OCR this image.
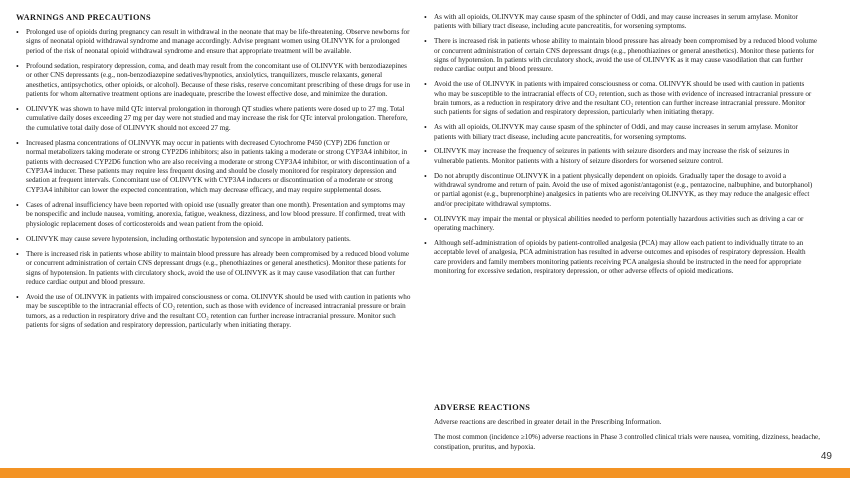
WARNINGS AND PRECAUTIONS
• Prolonged use of opioids during pregnancy can result in withdrawal in the neonate that may be life-threatening. Observe newborns for signs of neonatal opioid withdrawal syndrome and manage accordingly. Advise pregnant women using OLINVYK for a prolonged period of the risk of neonatal opioid withdrawal syndrome and ensure that appropriate treatment will be available.
• Profound sedation, respiratory depression, coma, and death may result from the concomitant use of OLINVYK with benzodiazepines or other CNS depressants (e.g., non-benzodiazepine sedatives/hypnotics, anxiolytics, tranquilizers, muscle relaxants, general anesthetics, antipsychotics, other opioids, or alcohol). Because of these risks, reserve concomitant prescribing of these drugs for use in patients for whom alternative treatment options are inadequate, prescribe the lowest effective dose, and minimize the duration.
• OLINVYK was shown to have mild QTc interval prolongation in thorough QT studies where patients were dosed up to 27 mg. Total cumulative daily doses exceeding 27 mg per day were not studied and may increase the risk for QTc interval prolongation. Therefore, the cumulative total daily dose of OLINVYK should not exceed 27 mg.
• Increased plasma concentrations of OLINVYK may occur in patients with decreased Cytochrome P450 (CYP) 2D6 function or normal metabolizers taking moderate or strong CYP2D6 inhibitors; also in patients taking a moderate or strong CYP3A4 inhibitor, in patients with decreased CYP2D6 function who are also receiving a moderate or strong CYP3A4 inhibitor, or with discontinuation of a CYP3A4 inducer. These patients may require less frequent dosing and should be closely monitored for respiratory depression and sedation at frequent intervals. Concomitant use of OLINVYK with CYP3A4 inducers or discontinuation of a moderate or strong CYP3A4 inhibitor can lower the expected concentration, which may decrease efficacy, and may require supplemental doses.
• Cases of adrenal insufficiency have been reported with opioid use (usually greater than one month). Presentation and symptoms may be nonspecific and include nausea, vomiting, anorexia, fatigue, weakness, dizziness, and low blood pressure. If confirmed, treat with physiologic replacement doses of corticosteroids and wean patient from the opioid.
• OLINVYK may cause severe hypotension, including orthostatic hypotension and syncope in ambulatory patients.
• There is increased risk in patients whose ability to maintain blood pressure has already been compromised by a reduced blood volume or concurrent administration of certain CNS depressant drugs (e.g., phenothiazines or general anesthetics). Monitor these patients for signs of hypotension. In patients with circulatory shock, avoid the use of OLINVYK as it may cause vasodilation that can further reduce cardiac output and blood pressure.
• Avoid the use of OLINVYK in patients with impaired consciousness or coma. OLINVYK should be used with caution in patients who may be susceptible to the intracranial effects of CO₂ retention, such as those with evidence of increased intracranial pressure or brain tumors, as a reduction in respiratory drive and the resultant CO₂ retention can further increase intracranial pressure. Monitor such patients for signs of sedation and respiratory depression, particularly when initiating therapy.
• As with all opioids, OLINVYK may cause spasm of the sphincter of Oddi, and may cause increases in serum amylase. Monitor patients with biliary tract disease, including acute pancreatitis, for worsening symptoms.
• There is increased risk in patients whose ability to maintain blood pressure has already been compromised by a reduced blood volume or concurrent administration of certain CNS depressant drugs (e.g., phenothiazines or general anesthetics). Monitor these patients for signs of hypotension. In patients with circulatory shock, avoid the use of OLINVYK as it may cause vasodilation that can further reduce cardiac output and blood pressure.
• Avoid the use of OLINVYK in patients with impaired consciousness or coma. OLINVYK should be used with caution in patients who may be susceptible to the intracranial effects of CO₂ retention, such as those with evidence of increased intracranial pressure or brain tumors, as a reduction in respiratory drive and the resultant CO₂ retention can further increase intracranial pressure. Monitor such patients for signs of sedation and respiratory depression, particularly when initiating therapy.
• As with all opioids, OLINVYK may cause spasm of the sphincter of Oddi, and may cause increases in serum amylase. Monitor patients with biliary tract disease, including acute pancreatitis, for worsening symptoms.
• OLINVYK may increase the frequency of seizures in patients with seizure disorders and may increase the risk of seizures in vulnerable patients. Monitor patients with a history of seizure disorders for worsened seizure control.
• Do not abruptly discontinue OLINVYK in a patient physically dependent on opioids. Gradually taper the dosage to avoid a withdrawal syndrome and return of pain. Avoid the use of mixed agonist/antagonist (e.g., pentazocine, nalbuphine, and butorphanol) or partial agonist (e.g., buprenorphine) analgesics in patients who are receiving OLINVYK, as they may reduce the analgesic effect and/or precipitate withdrawal symptoms.
• OLINVYK may impair the mental or physical abilities needed to perform potentially hazardous activities such as driving a car or operating machinery.
• Although self-administration of opioids by patient-controlled analgesia (PCA) may allow each patient to individually titrate to an acceptable level of analgesia, PCA administration has resulted in adverse outcomes and episodes of respiratory depression. Health care providers and family members monitoring patients receiving PCA analgesia should be instructed in the need for appropriate monitoring for excessive sedation, respiratory depression, or other adverse effects of opioid medications.
ADVERSE REACTIONS

Adverse reactions are described in greater detail in the Prescribing Information.

The most common (incidence ≥10%) adverse reactions in Phase 3 controlled clinical trials were nausea, vomiting, dizziness, headache, constipation, pruritus, and hypoxia.

49
